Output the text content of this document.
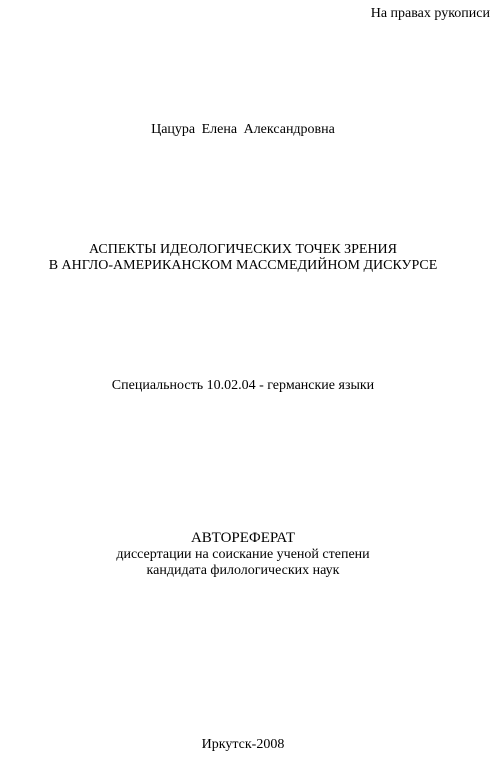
На правах рукописи
Цацура Елена Александровна
АСПЕКТЫ ИДЕОЛОГИЧЕСКИХ ТОЧЕК ЗРЕНИЯ
В АНГЛО-АМЕРИКАНСКОМ МАССМЕДИЙНОМ ДИСКУРСЕ
Специальность 10.02.04 - германские языки
АВТОРЕФЕРАТ
диссертации на соискание ученой степени
кандидата филологических наук
Иркутск-2008
